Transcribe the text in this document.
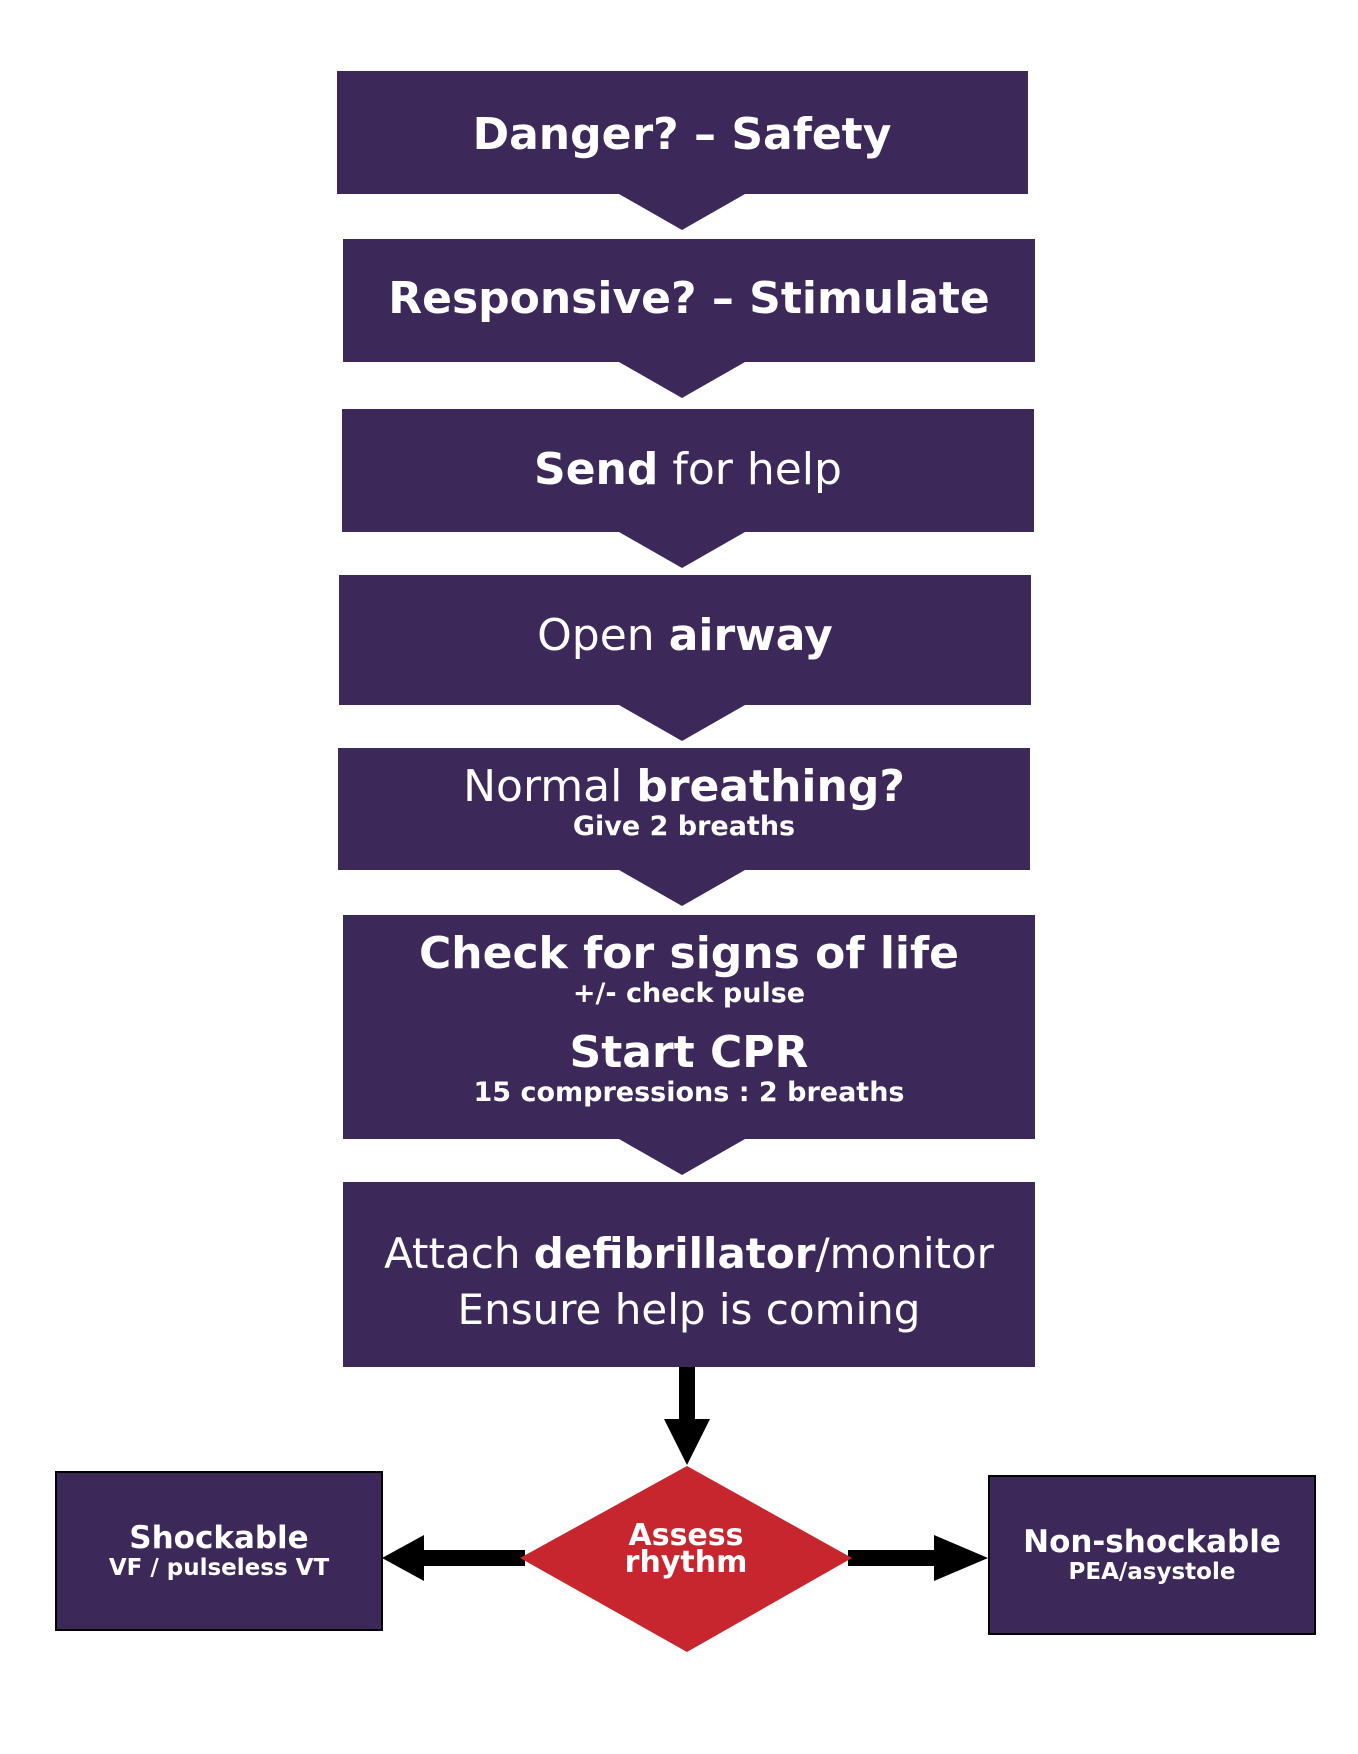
Danger? – Safety
Responsive? – Stimulate
Send for help
Open airway
Normal breathing?
Give 2 breaths
Check for signs of life
+/- check pulse
Start CPR
15 compressions : 2 breaths
Attach defibrillator/monitor
Ensure help is coming
Assess
rhythm
Shockable
VF / pulseless VT
Non-shockable
PEA/asystole
